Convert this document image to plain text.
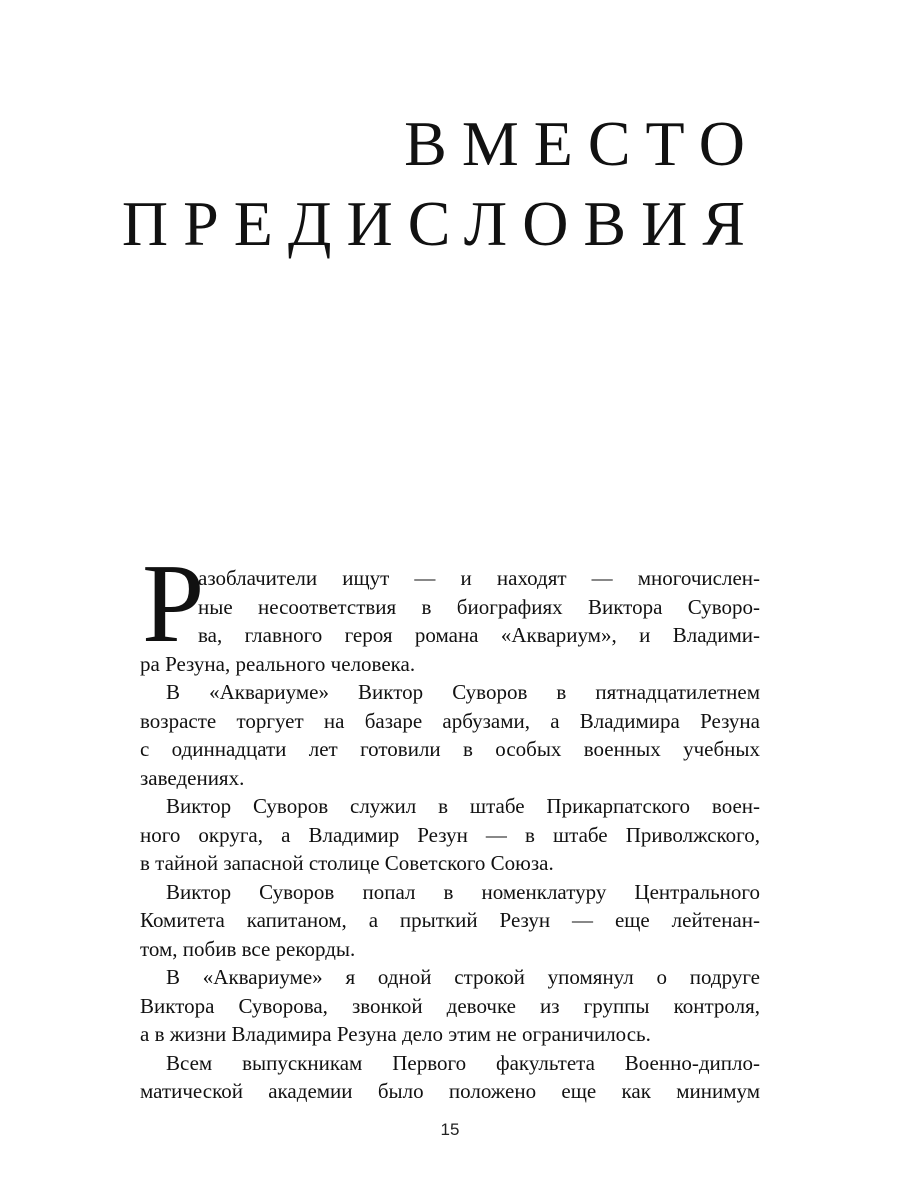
ВМЕСТО
ПРЕДИСЛОВИЯ
Р
азоблачители ищут — и находят — многочислен-
ные несоответствия в биографиях Виктора Суворо-
ва, главного героя романа «Аквариум», и Владими-
ра Резуна, реального человека.
В «Аквариуме» Виктор Суворов в пятнадцатилетнем
возрасте торгует на базаре арбузами, а Владимира Резуна
с одиннадцати лет готовили в особых военных учебных
заведениях.
Виктор Суворов служил в штабе Прикарпатского воен-
ного округа, а Владимир Резун — в штабе Приволжского,
в тайной запасной столице Советского Союза.
Виктор Суворов попал в номенклатуру Центрального
Комитета капитаном, а прыткий Резун — еще лейтенан-
том, побив все рекорды.
В «Аквариуме» я одной строкой упомянул о подруге
Виктора Суворова, звонкой девочке из группы контроля,
а в жизни Владимира Резуна дело этим не ограничилось.
Всем выпускникам Первого факультета Военно-дипло-
матической академии было положено еще как минимум
15
